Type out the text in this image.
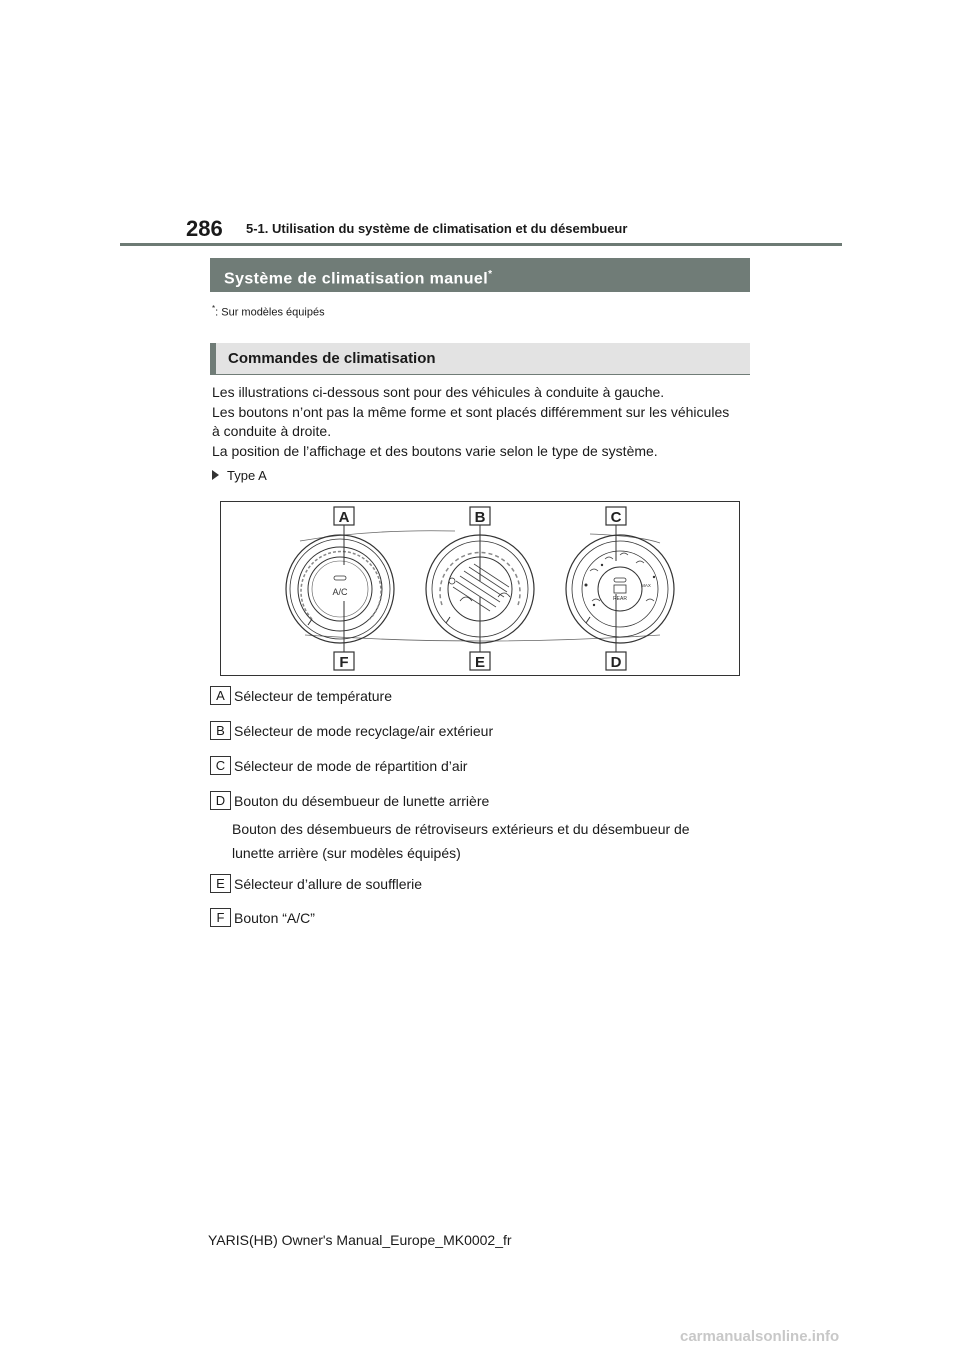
286 5-1. Utilisation du système de climatisation et du désembueur
Système de climatisation manuel*
*: Sur modèles équipés
Commandes de climatisation
Les illustrations ci-dessous sont pour des véhicules à conduite à gauche.
Les boutons n’ont pas la même forme et sont placés différemment sur les véhicules
à conduite à droite.
La position de l’affichage et des boutons varie selon le type de système.
Type A
A/C
REAR
MAX
A	B	C
F	E	D
A Sélecteur de température
B Sélecteur de mode recyclage/air extérieur
C Sélecteur de mode de répartition d’air
D Bouton du désembueur de lunette arrière
Bouton des désembueurs de rétroviseurs extérieurs et du désembueur de
lunette arrière (sur modèles équipés)
E Sélecteur d’allure de soufflerie
F Bouton “A/C”
YARIS(HB) Owner's Manual_Europe_MK0002_fr
carmanualsonline.info
